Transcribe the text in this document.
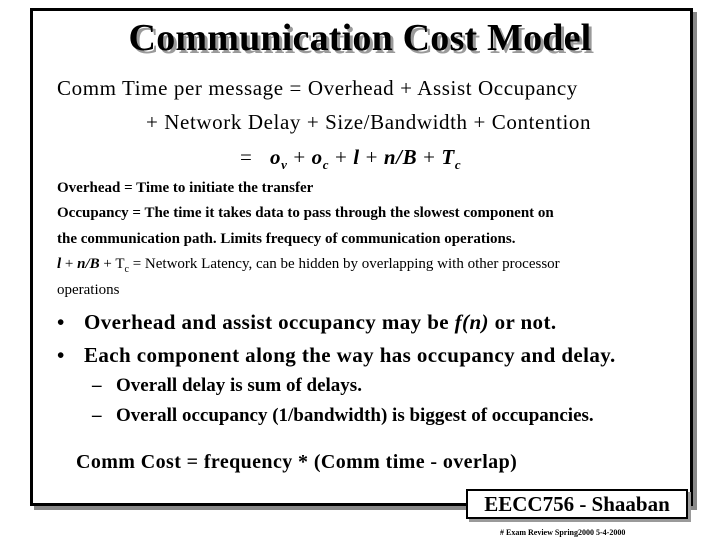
Communication Cost Model
Comm Time per message = Overhead + Assist Occupancy
+ Network Delay + Size/Bandwidth + Contention
= $o_v + o_c + l + n/B + T_c$
Overhead = Time to initiate the transfer
Occupancy = The time it takes data to pass through the slowest component on
the communication path. Limits frequecy of communication operations.
$l + n/B + T_c$ = Network Latency, can be hidden by overlapping with other processor
operations
• Overhead and assist occupancy may be f(n) or not.
• Each component along the way has occupancy and delay.
– Overall delay is sum of delays.
– Overall occupancy (1/bandwidth) is biggest of occupancies.
Comm Cost = frequency * (Comm time - overlap)
EECC756 - Shaaban
# Exam Review Spring2000 5-4-2000
